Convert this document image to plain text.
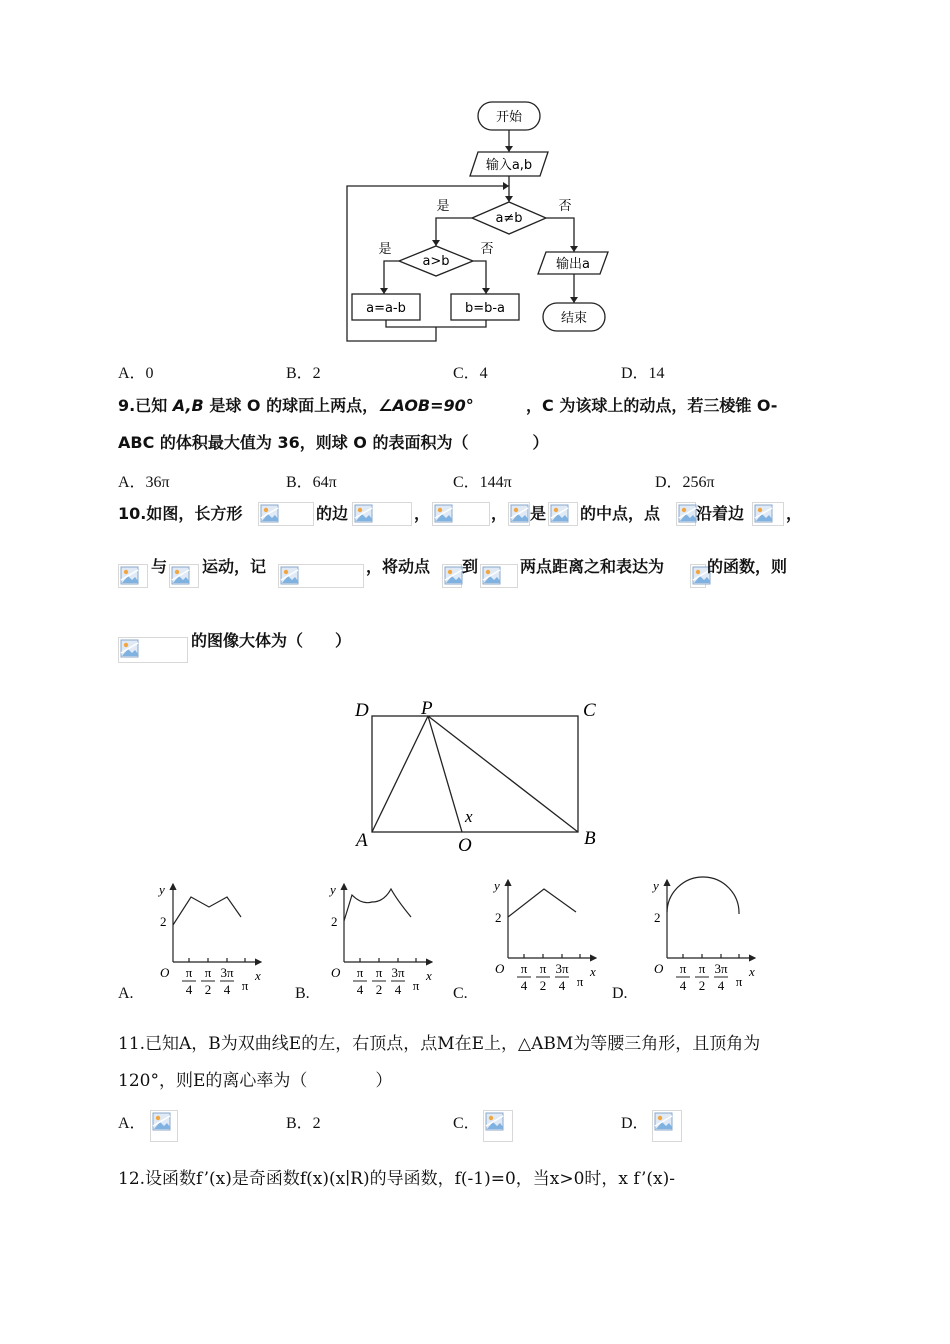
开始
输入a,b
a≠b
是	否
a>b
是	否
a=a-b	b=b-a
输出a
结束
A．0	B．2	C．4	D．14
9.已知 A,B 是球 O 的球面上两点，∠AOB=90°	，C 为该球上的动点，若三棱锥 O-
ABC 的体积最大值为 36，则球 O 的表面积为（　　　　）
A．36π	B．64π	C．144π	D．256π
10.如图，长方形	的边	，	， 是 的中点，点 沿着边	，
与 运动，记	，将动点 到	两点距离之和表达为	的函数，则
的图像大体为（　　）
D	P	C
A	O	B
x
y
x
O
2
π
4
π
2
3π
4 π
y
x
O
2
π
4
π
2
3π
4 π
y
x
O
2
π
4
π
2
3π
4 π
y
x
O
2
π
4
π
2
3π
4 π
A.	B.	C.	D.
11.已知A，B为双曲线E的左，右顶点，点M在E上，△ABM为等腰三角形，且顶角为
120°，则E的离心率为（　　　　）
A．	B．2	C．	D．
12.设函数f’(x)是奇函数f(x)(x∣R)的导函数，f(-1)=0，当x>0时，x f’(x)-
